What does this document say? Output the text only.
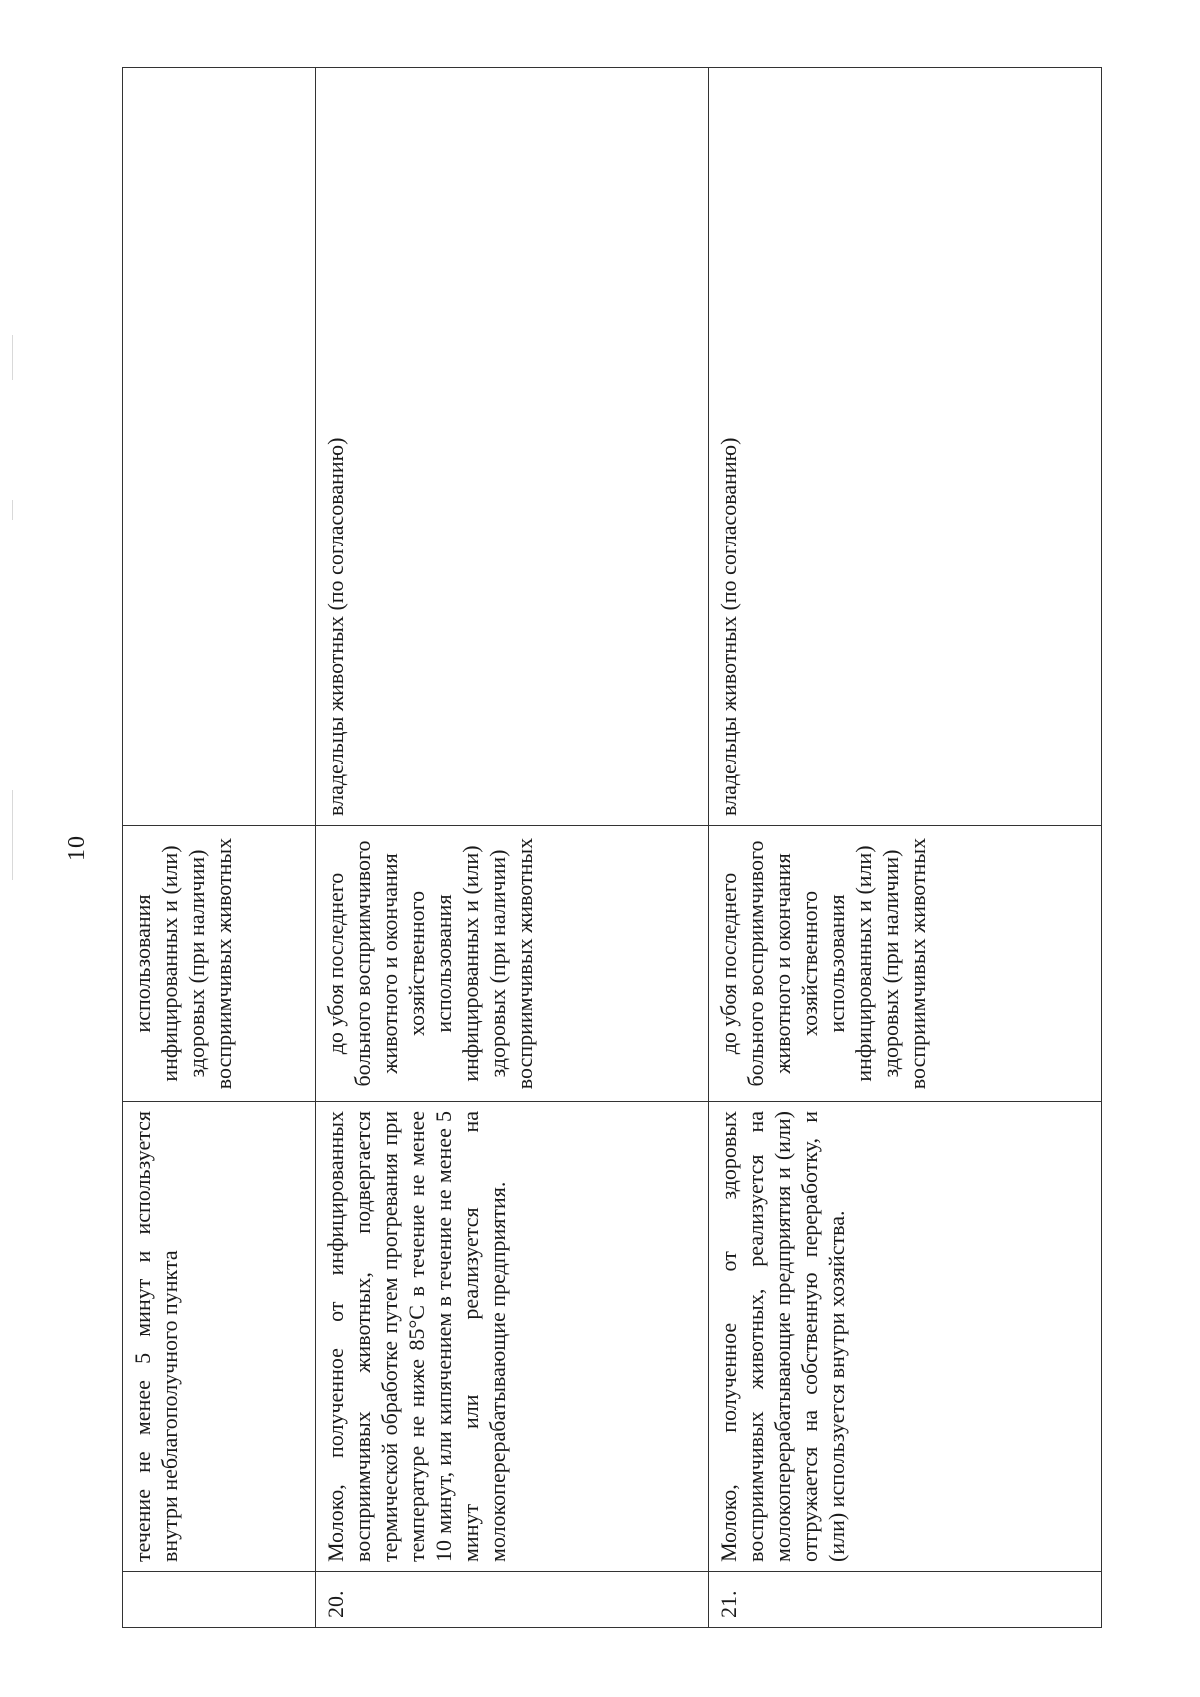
10
	течение не менее 5 минут и используется внутри неблагополучного пункта	использования инфицированных и (или) здоровых (при наличии) восприимчивых животных	
20.	Молоко, полученное от инфицированных восприимчивых животных, подвергается термической обработке путем прогревания при температуре не ниже 85°С в течение не менее 10 минут, или кипячением в течение не менее 5 минут или реализуется на молокоперерабатывающие предприятия.	до убоя последнего больного восприимчивого животного и окончания хозяйственного использования инфицированных и (или) здоровых (при наличии) восприимчивых животных	владельцы животных (по согласованию)
21.	Молоко, полученное от здоровых восприимчивых животных, реализуется на молокоперерабатывающие предприятия и (или) отгружается на собственную переработку, и (или) используется внутри хозяйства.	до убоя последнего больного восприимчивого животного и окончания хозяйственного использования инфицированных и (или) здоровых (при наличии) восприимчивых животных	владельцы животных (по согласованию)
